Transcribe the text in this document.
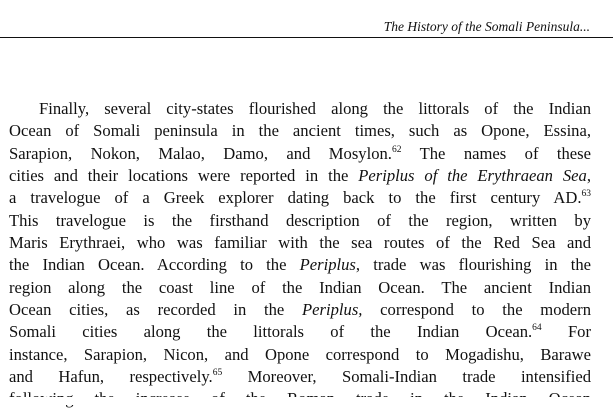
The History of the Somali Peninsula...
Finally, several city-states flourished along the littorals of the Indian
Ocean of Somali peninsula in the ancient times, such as Opone, Essina,
Sarapion, Nokon, Malao, Damo, and Mosylon.$^{62}$ The names of these
cities and their locations were reported in the Periplus of the Erythraean Sea,
a travelogue of a Greek explorer dating back to the first century AD.$^{63}$
This travelogue is the firsthand description of the region, written by
Maris Erythraei, who was familiar with the sea routes of the Red Sea and
the Indian Ocean. According to the Periplus, trade was flourishing in the
region along the coast line of the Indian Ocean. The ancient Indian
Ocean cities, as recorded in the Periplus, correspond to the modern
Somali cities along the littorals of the Indian Ocean.$^{64}$ For
instance, Sarapion, Nicon, and Opone correspond to Mogadishu, Barawe
and Hafun, respectively.$^{65}$ Moreover, Somali-Indian trade intensified
